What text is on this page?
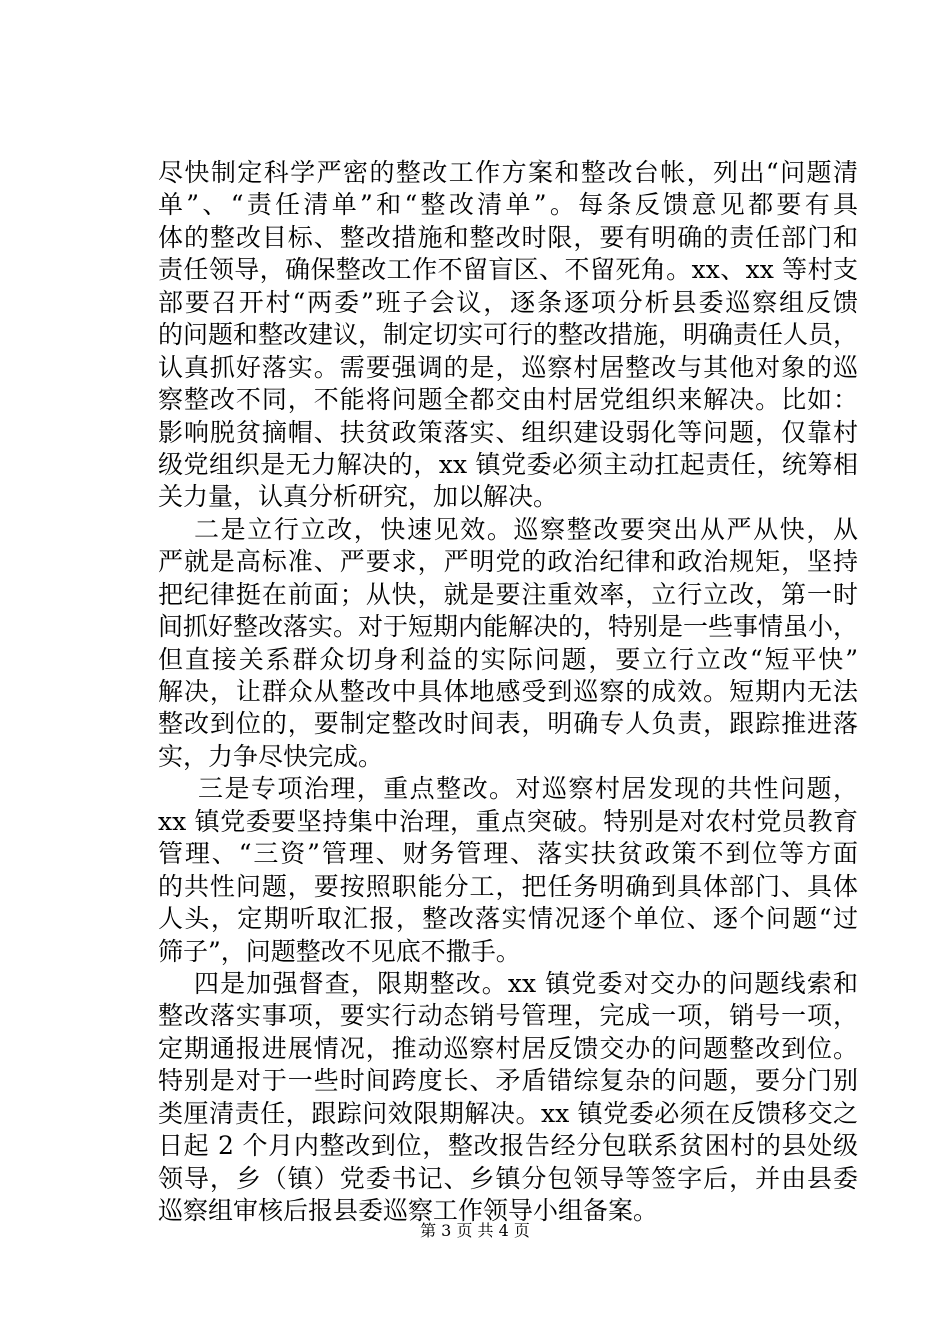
尽快制定科学严密的整改工作方案和整改台帐，列出“问题清
单”、“责任清单”和“整改清单”。每条反馈意见都要有具
体的整改目标、整改措施和整改时限，要有明确的责任部门和
责任领导，确保整改工作不留盲区、不留死角。xx、xx 等村支
部要召开村“两委”班子会议，逐条逐项分析县委巡察组反馈
的问题和整改建议，制定切实可行的整改措施，明确责任人员，
认真抓好落实。需要强调的是，巡察村居整改与其他对象的巡
察整改不同，不能将问题全都交由村居党组织来解决。比如：
影响脱贫摘帽、扶贫政策落实、组织建设弱化等问题，仅靠村
级党组织是无力解决的，xx 镇党委必须主动扛起责任，统筹相
关力量，认真分析研究，加以解决。
二是立行立改，快速见效。巡察整改要突出从严从快，从
严就是高标准、严要求，严明党的政治纪律和政治规矩，坚持
把纪律挺在前面；从快，就是要注重效率，立行立改，第一时
间抓好整改落实。对于短期内能解决的，特别是一些事情虽小，
但直接关系群众切身利益的实际问题，要立行立改“短平快”
解决，让群众从整改中具体地感受到巡察的成效。短期内无法
整改到位的，要制定整改时间表，明确专人负责，跟踪推进落
实，力争尽快完成。
三是专项治理，重点整改。对巡察村居发现的共性问题，
xx 镇党委要坚持集中治理，重点突破。特别是对农村党员教育
管理、“三资”管理、财务管理、落实扶贫政策不到位等方面
的共性问题，要按照职能分工，把任务明确到具体部门、具体
人头，定期听取汇报，整改落实情况逐个单位、逐个问题“过
筛子”，问题整改不见底不撒手。
四是加强督查，限期整改。xx 镇党委对交办的问题线索和
整改落实事项，要实行动态销号管理，完成一项，销号一项，
定期通报进展情况，推动巡察村居反馈交办的问题整改到位。
特别是对于一些时间跨度长、矛盾错综复杂的问题，要分门别
类厘清责任，跟踪问效限期解决。xx 镇党委必须在反馈移交之
日起 2 个月内整改到位，整改报告经分包联系贫困村的县处级
领导，乡（镇）党委书记、乡镇分包领导等签字后，并由县委
巡察组审核后报县委巡察工作领导小组备案。
第 3 页 共 4 页
